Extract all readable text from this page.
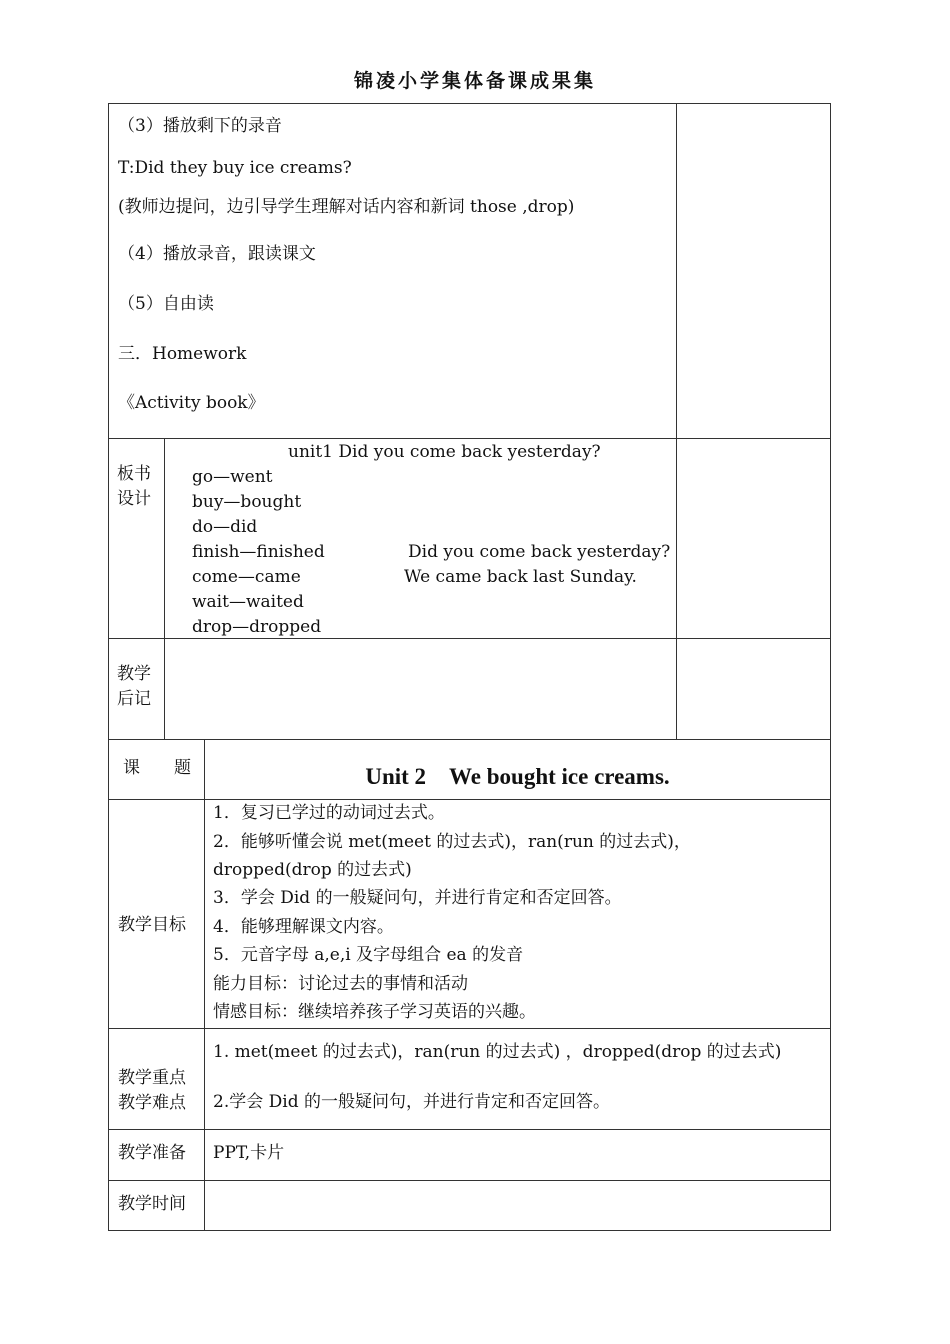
锦凌小学集体备课成果集
（3）播放剩下的录音
T:Did they buy ice creams?
(教师边提问，边引导学生理解对话内容和新词 those ,drop)
（4）播放录音，跟读课文
（5）自由读
三．Homework
《Activity book》
板书设计
unit1 Did you come back yesterday?
go—went
buy—bought
do—did
finish—finished
come—came
wait—waited
drop—dropped
Did you come back yesterday?
We came back last Sunday.
教学后记
Unit 2　We bought ice creams.
课　　题
教学目标
1．复习已学过的动词过去式。
2．能够听懂会说 met(meet 的过去式)，ran(run 的过去式)，
dropped(drop 的过去式)
3．学会 Did 的一般疑问句，并进行肯定和否定回答。
4．能够理解课文内容。
5．元音字母 a,e,i 及字母组合 ea 的发音
能力目标：讨论过去的事情和活动
情感目标：继续培养孩子学习英语的兴趣。
教学重点
教学难点
1. met(meet 的过去式)，ran(run 的过去式) ，dropped(drop 的过去式)
2.学会 Did 的一般疑问句，并进行肯定和否定回答。
教学准备 PPT,卡片
教学时间
